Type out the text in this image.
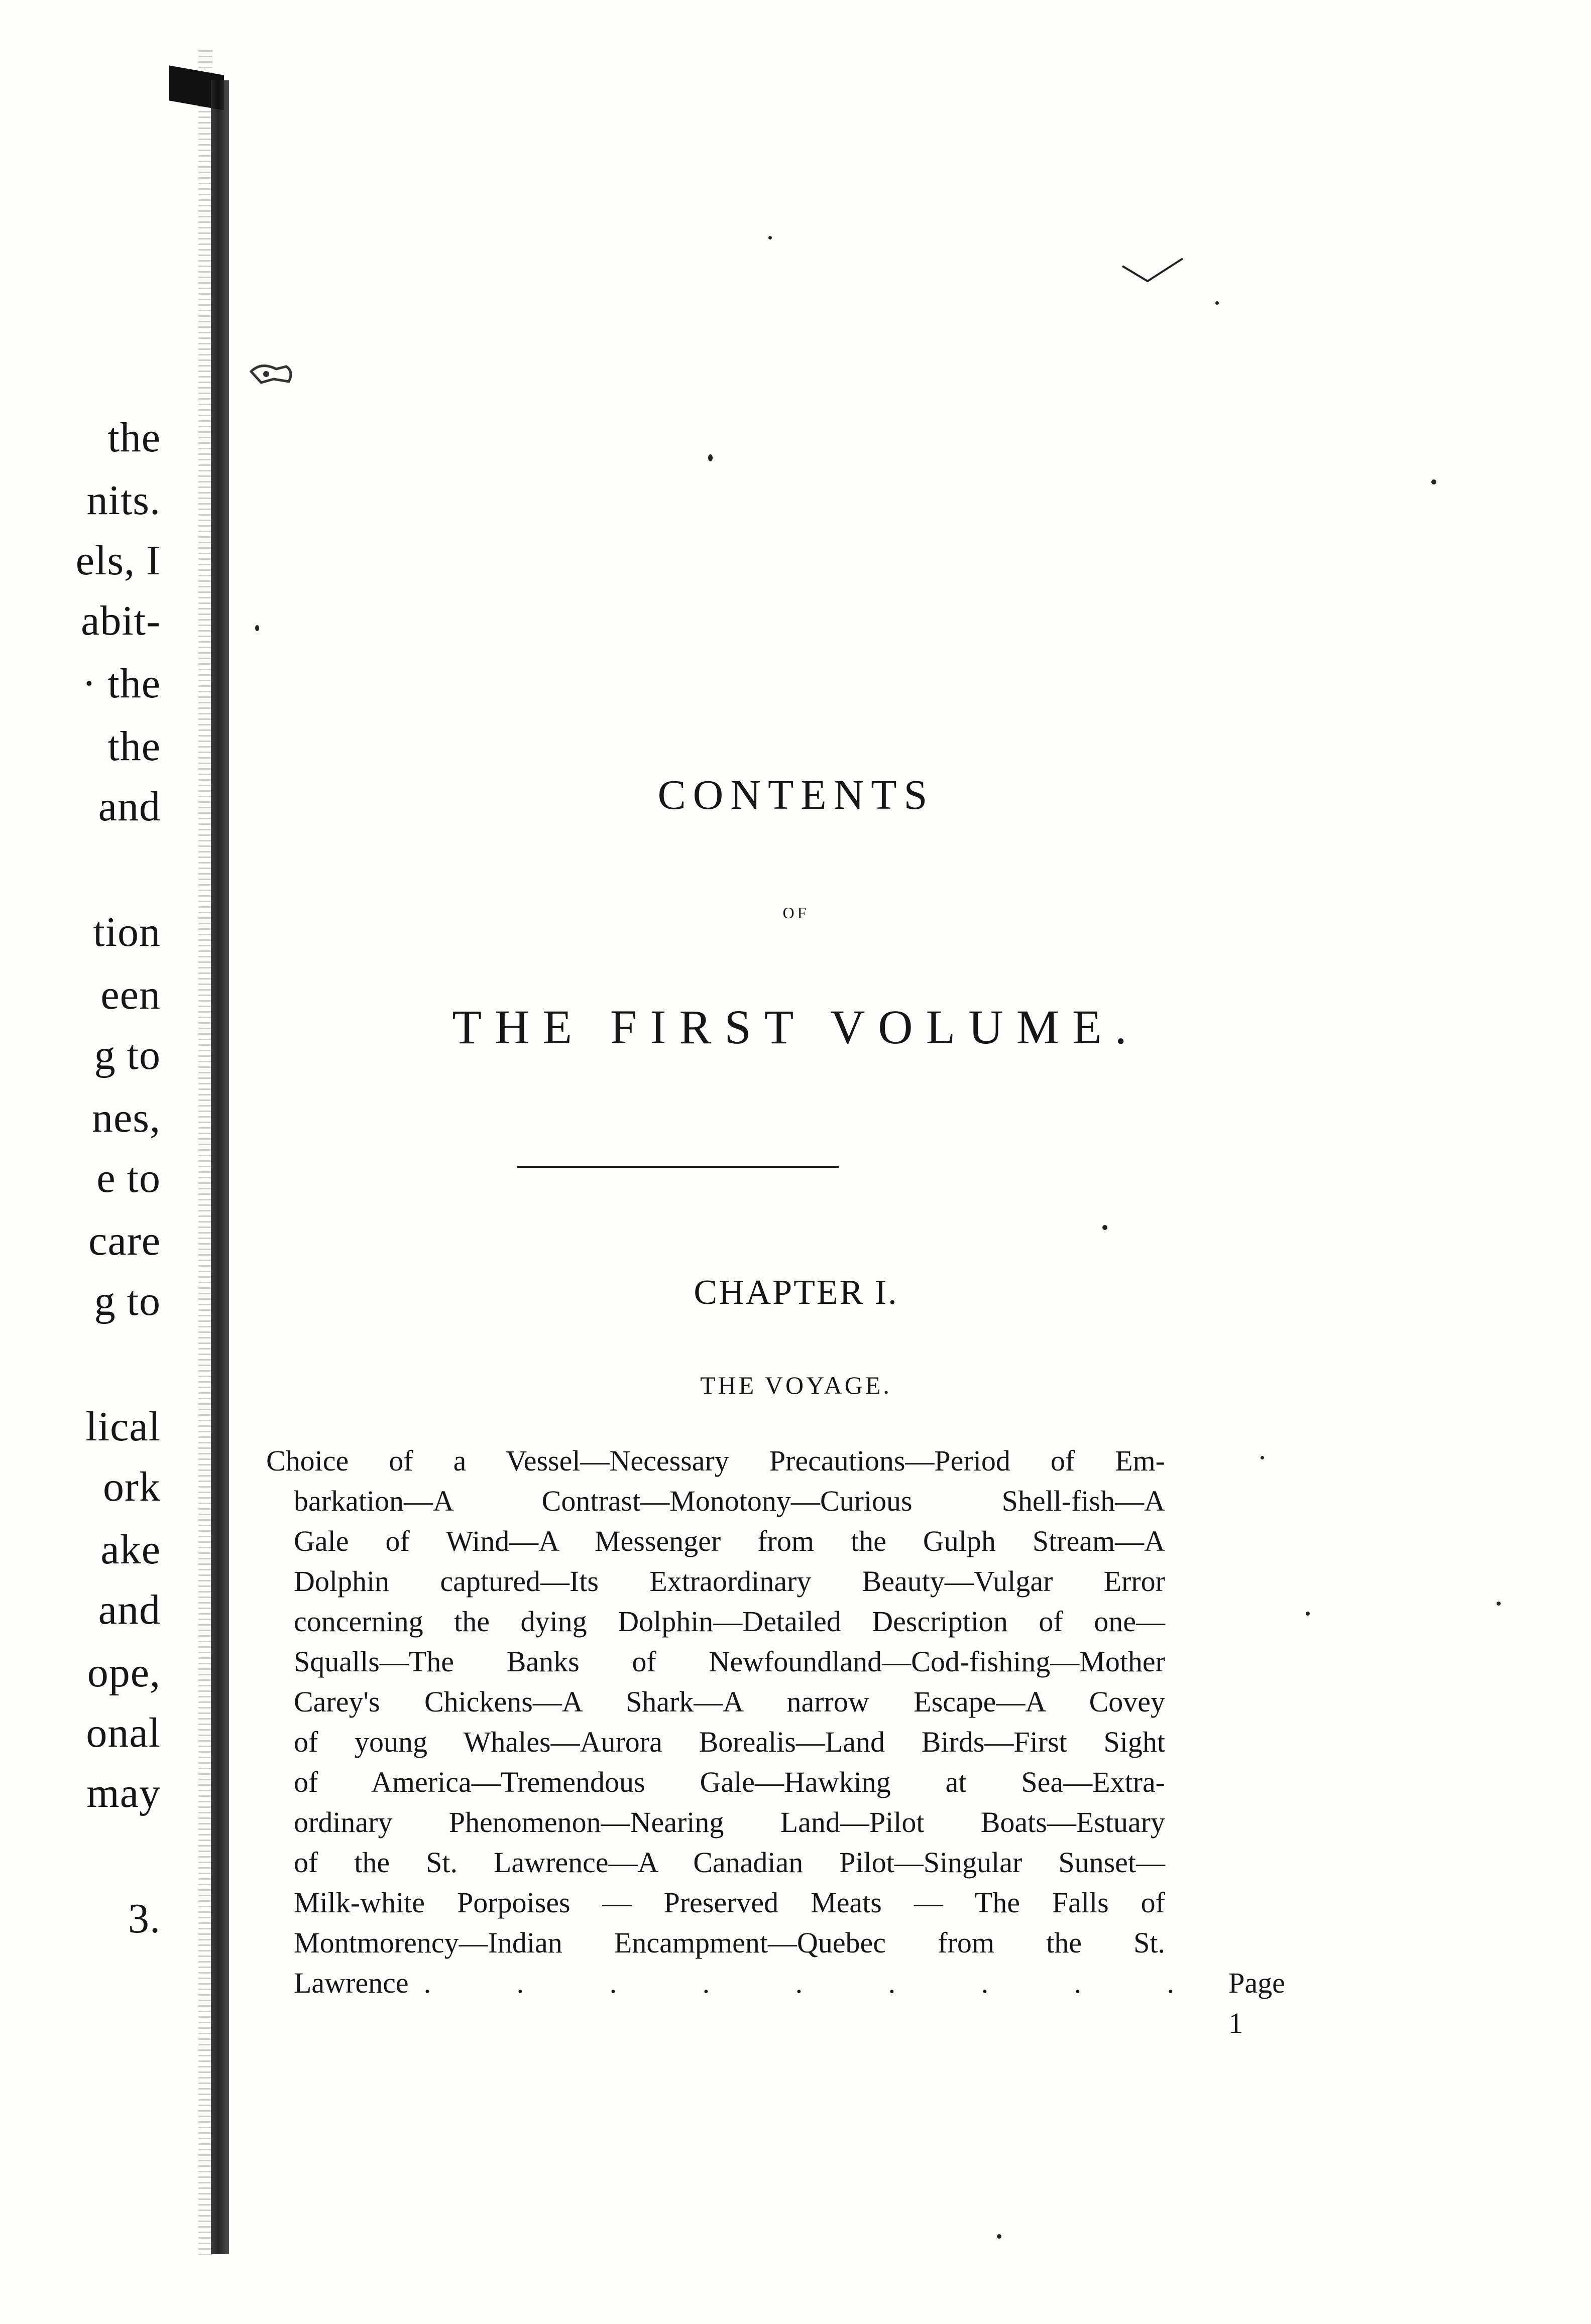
the
nits.
els, I
abit-
· the
the
and
tion
een
g to
nes,
e to
care
g to
lical
ork
ake
and
ope,
onal
may
3.
CONTENTS
OF
THE FIRST VOLUME.
CHAPTER I.
THE VOYAGE.
Choice of a Vessel—Necessary Precautions—Period of Em-
barkation—A Contrast—Monotony—Curious Shell-fish—A
Gale of Wind—A Messenger from the Gulph Stream—A
Dolphin captured—Its Extraordinary Beauty—Vulgar Error
concerning the dying Dolphin—Detailed Description of one—
Squalls—The Banks of Newfoundland—Cod-fishing—Mother
Carey's Chickens—A Shark—A narrow Escape—A Covey
of young Whales—Aurora Borealis—Land Birds—First Sight
of America—Tremendous Gale—Hawking at Sea—Extra-
ordinary Phenomenon—Nearing Land—Pilot Boats—Estuary
of the St. Lawrence—A Canadian Pilot—Singular Sunset—
Milk-white Porpoises — Preserved Meats — The Falls of
Montmorency—Indian Encampment—Quebec from the St.
Lawrence . . . . . . . . . Page 1
